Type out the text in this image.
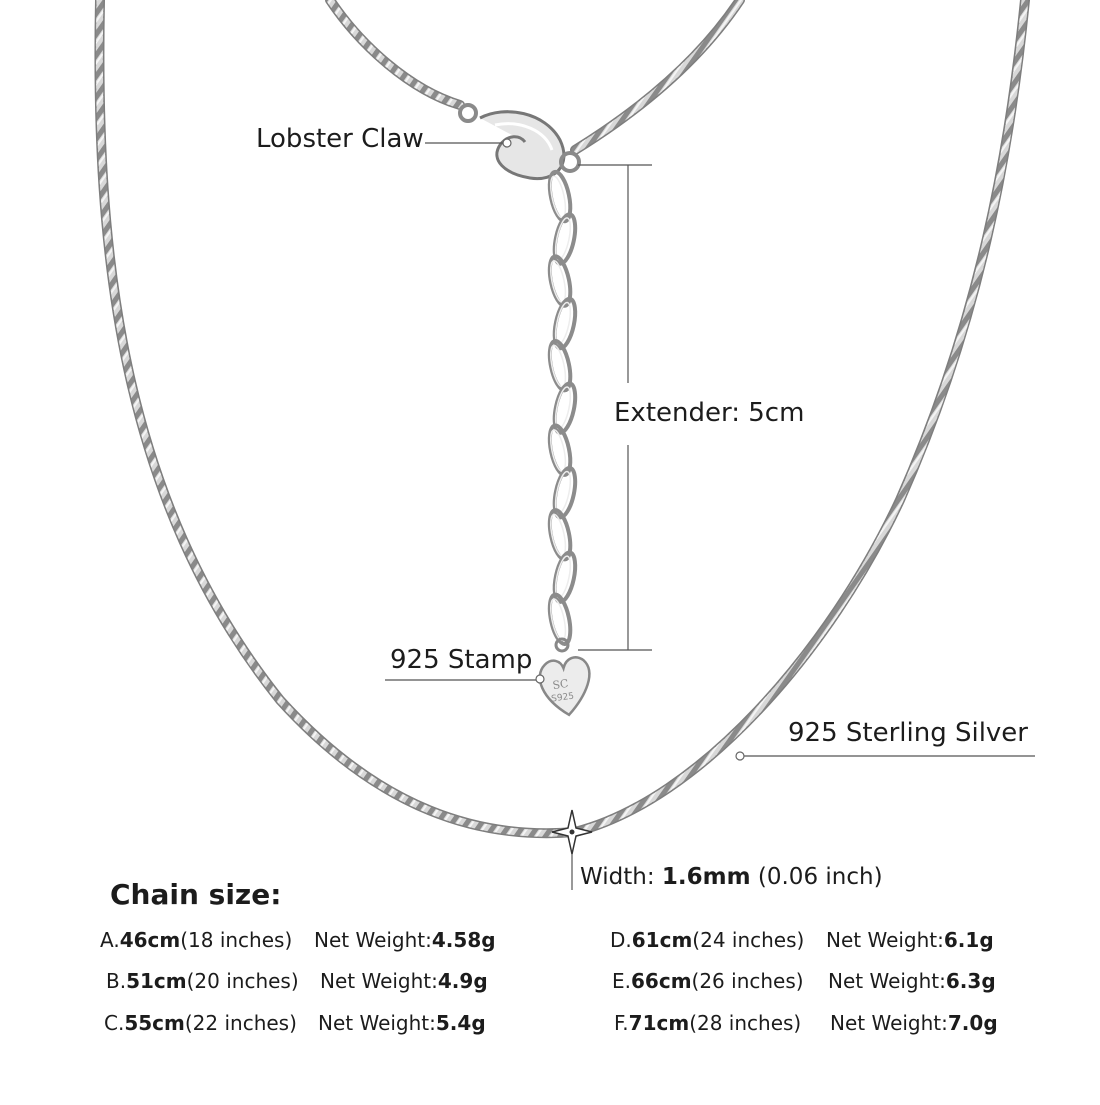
SC
S925
Lobster Claw
Extender: 5cm
925 Stamp
925 Sterling Silver
Width: 1.6mm (0.06 inch)
Chain size:
A.46cm(18 inches) Net Weight:4.58g
B.51cm(20 inches) Net Weight:4.9g
C.55cm(22 inches) Net Weight:5.4g
D.61cm(24 inches) Net Weight:6.1g
E.66cm(26 inches) Net Weight:6.3g
F.71cm(28 inches) Net Weight:7.0g
